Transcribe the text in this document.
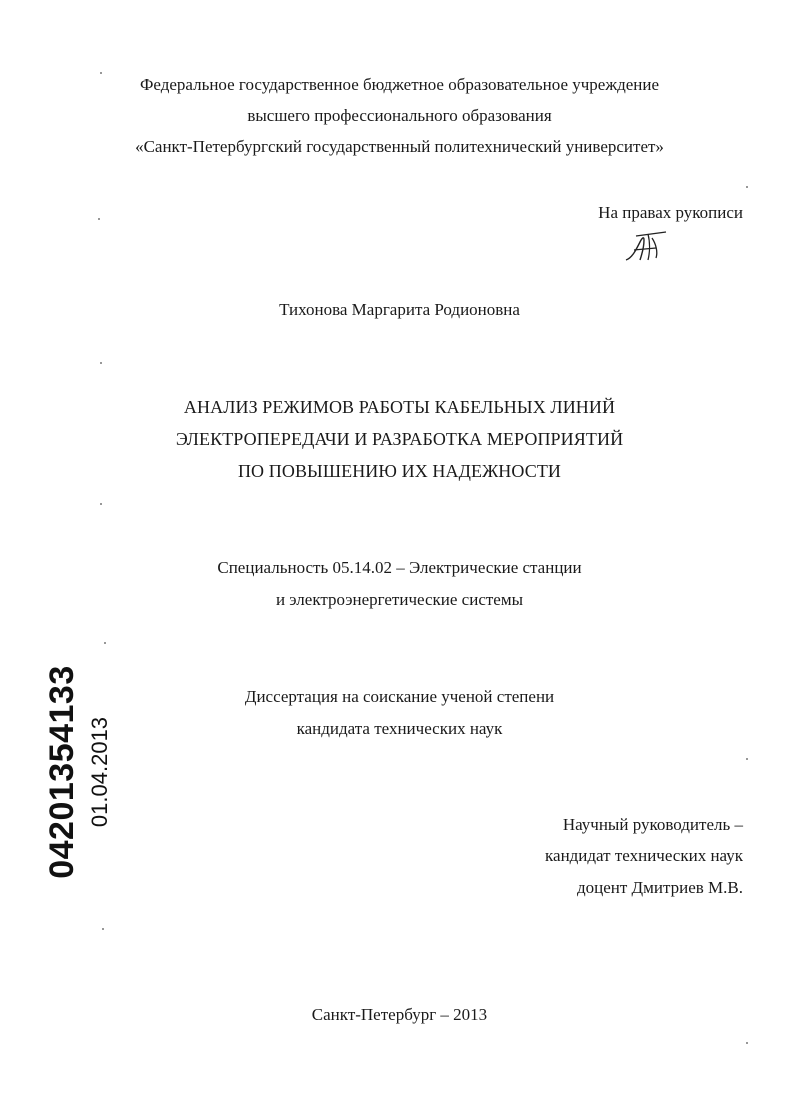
Федеральное государственное бюджетное образовательное учреждение
высшего профессионального образования
«Санкт-Петербургский государственный политехнический университет»
На правах рукописи
Тихонова Маргарита Родионовна
АНАЛИЗ РЕЖИМОВ РАБОТЫ КАБЕЛЬНЫХ ЛИНИЙ
ЭЛЕКТРОПЕРЕДАЧИ И РАЗРАБОТКА МЕРОПРИЯТИЙ
ПО ПОВЫШЕНИЮ ИХ НАДЕЖНОСТИ
Специальность 05.14.02 – Электрические станции
и электроэнергетические системы
Диссертация на соискание ученой степени
кандидата технических наук
Научный руководитель –
кандидат технических наук
доцент Дмитриев М.В.
Санкт-Петербург – 2013
04201354133 01.04.2013
